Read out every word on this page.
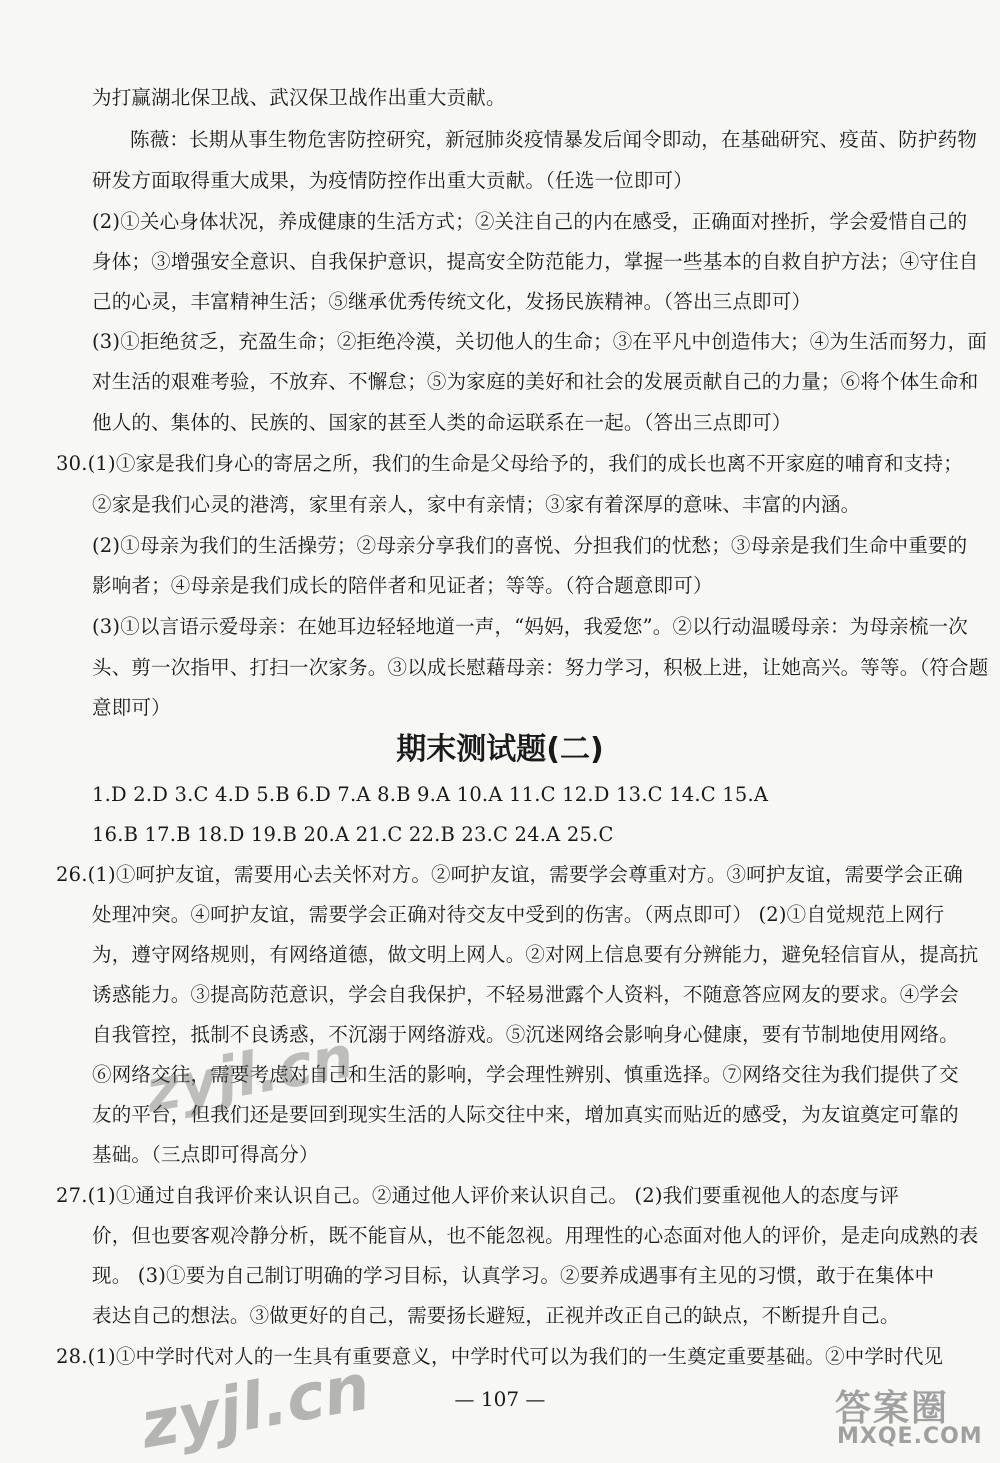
为打赢湖北保卫战、武汉保卫战作出重大贡献。
陈薇：长期从事生物危害防控研究，新冠肺炎疫情暴发后闻令即动，在基础研究、疫苗、防护药物
研发方面取得重大成果，为疫情防控作出重大贡献。（任选一位即可）
(2)①关心身体状况，养成健康的生活方式；②关注自己的内在感受，正确面对挫折，学会爱惜自己的
身体；③增强安全意识、自我保护意识，提高安全防范能力，掌握一些基本的自救自护方法；④守住自
己的心灵，丰富精神生活；⑤继承优秀传统文化，发扬民族精神。（答出三点即可）
(3)①拒绝贫乏，充盈生命；②拒绝冷漠，关切他人的生命；③在平凡中创造伟大；④为生活而努力，面
对生活的艰难考验，不放弃、不懈怠；⑤为家庭的美好和社会的发展贡献自己的力量；⑥将个体生命和
他人的、集体的、民族的、国家的甚至人类的命运联系在一起。（答出三点即可）
30.(1)①家是我们身心的寄居之所，我们的生命是父母给予的，我们的成长也离不开家庭的哺育和支持；
②家是我们心灵的港湾，家里有亲人，家中有亲情；③家有着深厚的意味、丰富的内涵。
(2)①母亲为我们的生活操劳；②母亲分享我们的喜悦、分担我们的忧愁；③母亲是我们生命中重要的
影响者；④母亲是我们成长的陪伴者和见证者；等等。（符合题意即可）
(3)①以言语示爱母亲：在她耳边轻轻地道一声，“妈妈，我爱您”。②以行动温暖母亲：为母亲梳一次
头、剪一次指甲、打扫一次家务。③以成长慰藉母亲：努力学习，积极上进，让她高兴。等等。（符合题
意即可）
期末测试题(二)
1.D 2.D 3.C 4.D 5.B 6.D 7.A 8.B 9.A 10.A 11.C 12.D 13.C 14.C 15.A
16.B 17.B 18.D 19.B 20.A 21.C 22.B 23.C 24.A 25.C
26.(1)①呵护友谊，需要用心去关怀对方。②呵护友谊，需要学会尊重对方。③呵护友谊，需要学会正确
处理冲突。④呵护友谊，需要学会正确对待交友中受到的伤害。（两点即可） (2)①自觉规范上网行
为，遵守网络规则，有网络道德，做文明上网人。②对网上信息要有分辨能力，避免轻信盲从，提高抗
诱惑能力。③提高防范意识，学会自我保护，不轻易泄露个人资料，不随意答应网友的要求。④学会
自我管控，抵制不良诱惑，不沉溺于网络游戏。⑤沉迷网络会影响身心健康，要有节制地使用网络。
⑥网络交往，需要考虑对自己和生活的影响，学会理性辨别、慎重选择。⑦网络交往为我们提供了交
友的平台，但我们还是要回到现实生活的人际交往中来，增加真实而贴近的感受，为友谊奠定可靠的
基础。（三点即可得高分）
27.(1)①通过自我评价来认识自己。②通过他人评价来认识自己。 (2)我们要重视他人的态度与评
价，但也要客观冷静分析，既不能盲从，也不能忽视。用理性的心态面对他人的评价，是走向成熟的表
现。 (3)①要为自己制订明确的学习目标，认真学习。②要养成遇事有主见的习惯，敢于在集体中
表达自己的想法。③做更好的自己，需要扬长避短，正视并改正自己的缺点，不断提升自己。
28.(1)①中学时代对人的一生具有重要意义，中学时代可以为我们的一生奠定重要基础。②中学时代见
— 107 —
zyjl.cn
zyjl.cn	答案圈
MXQE.COM
